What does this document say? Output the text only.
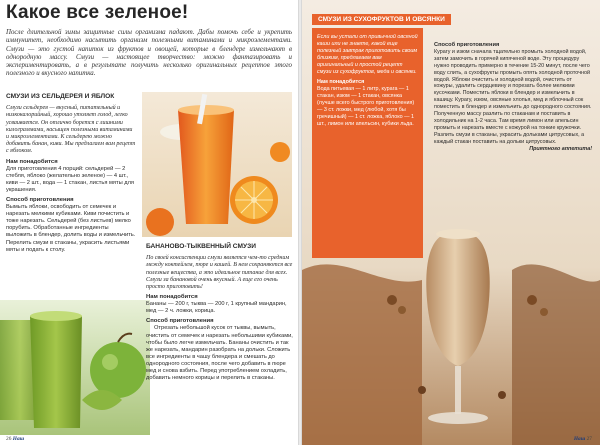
Какое все зеленое!
После длительной зимы защитные силы организма падают. Дабы помочь себе и укрепить иммунитет, необходимо насытить организм полезными витаминами и микроэлементами. Смузи — это густой напиток из фруктов и овощей, которые в блендере измельчают в однородную массу. Смузи — настоящее творчество: можно фантазировать и экспериментировать, а в результате получить несколько оригинальных рецептов этого полезного и вкусного напитка.
СМУЗИ ИЗ СЕЛЬДЕРЕЯ И ЯБЛОК

Смузи сельдерея — вкусный, питательный и низкокалорийный, хорошо утоляет голод, легко усваивается. Он отлично борется с лишними килограммами, насыщен полезными витаминами и микроэлементами. К сельдерею можно добавить банан, киви. Мы предлагаем вам рецепт с яблоком.

Нам понадобится

Для приготовления 4 порций: сельдерей — 2 стебля, яблоко (желательно зеленое) — 4 шт., киви — 2 шт., вода — 1 стакан, листья мяты для украшения.

Способ приготовления

Вымыть яблоки, освободить от семечек и нарезать мелкими кубиками. Киви почистить и тоже нарезать. Сельдерей (без листьев) мелко порубить. Обработанные ингредиенты выложить в блендер, долить воды и измельчить. Перелить смузи в стаканы, украсить листьями мяты и подать к столу.	БАНАНОВО-ТЫКВЕННЫЙ СМУЗИ

По своей консистенции смузи является чем-то средним между коктейлем, пюре и кашей. В нем сохраняются все полезные вещества, а это идеальное питание для всех. Смузи за банановой очень вкусный. А еще его очень просто приготовить!

Нам понадобится

Бананы — 200 г, тыква — 200 г, 1 крупный мандарин, мед — 2 ч. ложки, корица.

Способ приготовления

Отрезать небольшой кусок от тыквы, вымыть, очистить от семечек и нарезать небольшими кубиками, чтобы было легче измельчать. Бананы очистить и так же нарезать, мандарин разобрать на дольки. Сложить все ингредиенты в чашу блендера и смешать до однородного состояния, после чего добавить в пюре мед и снова взбить. Перед употреблением охладить, добавить немного корицы и перелить в стаканы.

26 Наш
СМУЗИ ИЗ СУХОФРУКТОВ И ОВСЯНКИ

Если вы устали от привычной овсяной каши или не знаете, какой еще полезный завтрак приготовить своим близким, предлагаем вам оригинальный и простой рецепт смузи из сухофруктов, меда и овсянки.

Нам понадобится

Вода питьевая — 1 литр, курага — 1 стакан, изюм — 1 стакан, овсянка (лучше всего быстрого приготовления) — 3 ст. ложки, мед (любой, хотя бы гречишный) — 1 ст. ложка, яблоко — 1 шт., лимон или апельсин, кубики льда.

Способ приготовления

Курагу и изюм сначала тщательно промыть холодной водой, затем замочить в горячей кипяченой воде. Эту процедуру нужно проводить примерно в течение 15-20 минут, после чего воду слить, а сухофрукты промыть опять холодной проточной водой. Яблоки очистить и холодной водой, очистить от кожуры, удалить сердцевину и порезать более мелкими кусочками. Поместить яблоки в блендер и измельчить в кашицу. Курагу, изюм, овсяные хлопья, мед и яблочный сок поместить в блендер и измельчить до однородного состояния. Полученную массу разлить по стаканам и поставить в холодильник на 1-2 часа. Там время лимон или апельсин промыть и нарезать вместе с кожурой на тонкие кружочки. Разлить смузи в стаканы, украсить дольками цитрусовых, а каждый стакан поставить на дольки цитрусовых.

Приятного аппетита!

Наш 27
